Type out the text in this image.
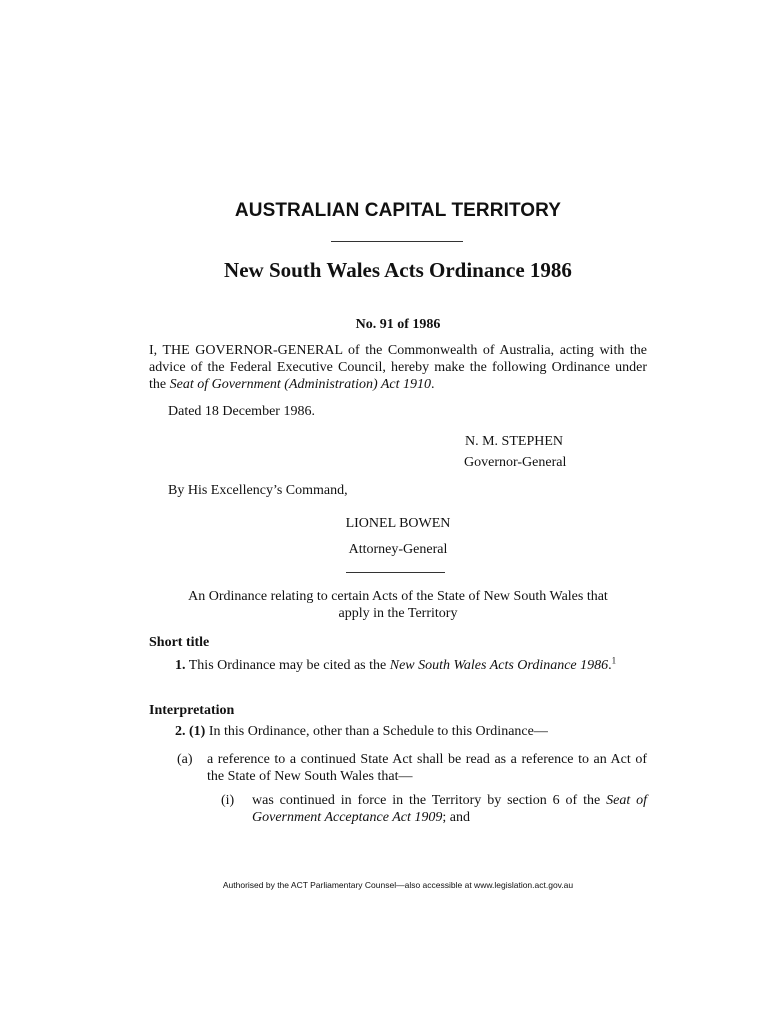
AUSTRALIAN CAPITAL TERRITORY
New South Wales Acts Ordinance 1986
No. 91 of 1986
I, THE GOVERNOR-GENERAL of the Commonwealth of Australia, acting with the advice of the Federal Executive Council, hereby make the following Ordinance under the Seat of Government (Administration) Act 1910.
Dated 18 December 1986.
N. M. STEPHEN
Governor-General
By His Excellency’s Command,
LIONEL BOWEN
Attorney-General
An Ordinance relating to certain Acts of the State of New South Wales that
apply in the Territory
Short title
1. This Ordinance may be cited as the New South Wales Acts Ordinance 1986.$^1$
Interpretation
2. (1) In this Ordinance, other than a Schedule to this Ordinance—
(a) a reference to a continued State Act shall be read as a reference to an Act of the State of New South Wales that—
(i) was continued in force in the Territory by section 6 of the Seat of Government Acceptance Act 1909; and
Authorised by the ACT Parliamentary Counsel—also accessible at www.legislation.act.gov.au
